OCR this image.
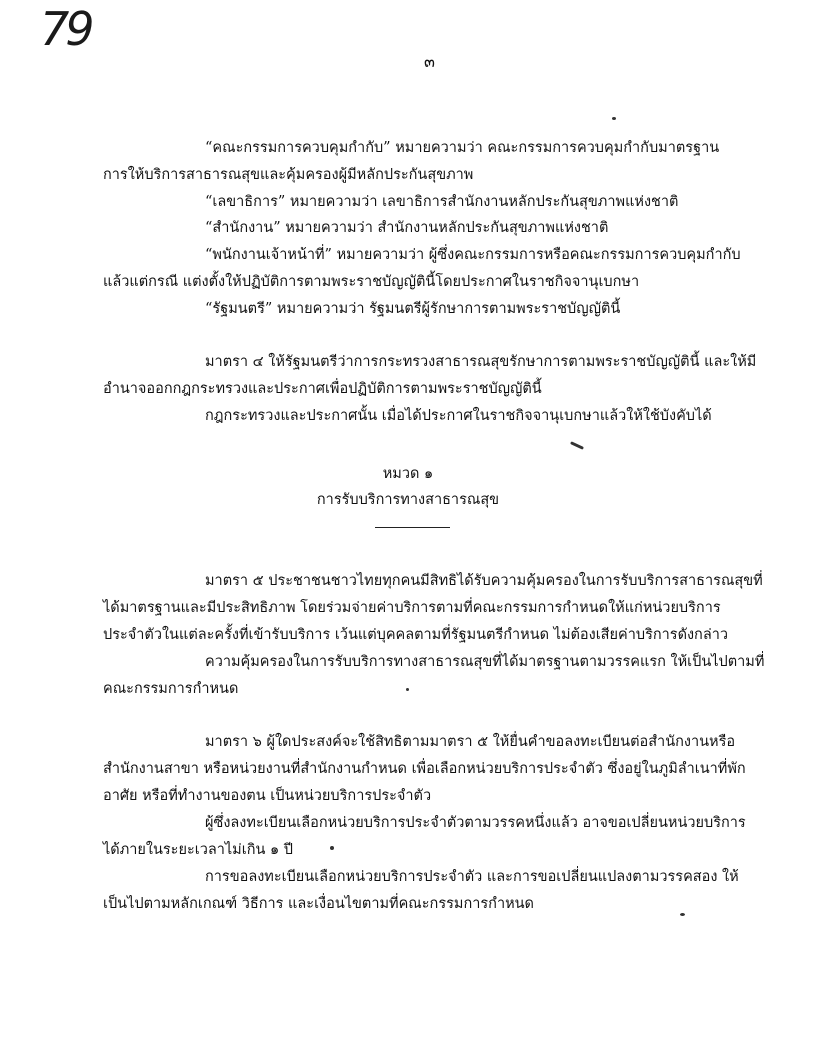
79
๓
“คณะกรรมการควบคุมกำกับ” หมายความว่า คณะกรรมการควบคุมกำกับมาตรฐาน
การให้บริการสาธารณสุขและคุ้มครองผู้มีหลักประกันสุขภาพ
“เลขาธิการ” หมายความว่า เลขาธิการสำนักงานหลักประกันสุขภาพแห่งชาติ
“สำนักงาน” หมายความว่า สำนักงานหลักประกันสุขภาพแห่งชาติ
“พนักงานเจ้าหน้าที่” หมายความว่า ผู้ซึ่งคณะกรรมการหรือคณะกรรมการควบคุมกำกับ
แล้วแต่กรณี แต่งตั้งให้ปฏิบัติการตามพระราชบัญญัตินี้โดยประกาศในราชกิจจานุเบกษา
“รัฐมนตรี” หมายความว่า รัฐมนตรีผู้รักษาการตามพระราชบัญญัตินี้
มาตรา ๔ ให้รัฐมนตรีว่าการกระทรวงสาธารณสุขรักษาการตามพระราชบัญญัตินี้ และให้มี
อำนาจออกกฎกระทรวงและประกาศเพื่อปฏิบัติการตามพระราชบัญญัตินี้
กฎกระทรวงและประกาศนั้น เมื่อได้ประกาศในราชกิจจานุเบกษาแล้วให้ใช้บังคับได้
หมวด ๑
การรับบริการทางสาธารณสุข
มาตรา ๕ ประชาชนชาวไทยทุกคนมีสิทธิได้รับความคุ้มครองในการรับบริการสาธารณสุขที่
ได้มาตรฐานและมีประสิทธิภาพ โดยร่วมจ่ายค่าบริการตามที่คณะกรรมการกำหนดให้แก่หน่วยบริการ
ประจำตัวในแต่ละครั้งที่เข้ารับบริการ เว้นแต่บุคคลตามที่รัฐมนตรีกำหนด ไม่ต้องเสียค่าบริการดังกล่าว
ความคุ้มครองในการรับบริการทางสาธารณสุขที่ได้มาตรฐานตามวรรคแรก ให้เป็นไปตามที่
คณะกรรมการกำหนด
มาตรา ๖ ผู้ใดประสงค์จะใช้สิทธิตามมาตรา ๕ ให้ยื่นคำขอลงทะเบียนต่อสำนักงานหรือ
สำนักงานสาขา หรือหน่วยงานที่สำนักงานกำหนด เพื่อเลือกหน่วยบริการประจำตัว ซึ่งอยู่ในภูมิลำเนาที่พัก
อาศัย หรือที่ทำงานของตน เป็นหน่วยบริการประจำตัว
ผู้ซึ่งลงทะเบียนเลือกหน่วยบริการประจำตัวตามวรรคหนึ่งแล้ว อาจขอเปลี่ยนหน่วยบริการ
ได้ภายในระยะเวลาไม่เกิน ๑ ปี
การขอลงทะเบียนเลือกหน่วยบริการประจำตัว และการขอเปลี่ยนแปลงตามวรรคสอง ให้
เป็นไปตามหลักเกณฑ์ วิธีการ และเงื่อนไขตามที่คณะกรรมการกำหนด
